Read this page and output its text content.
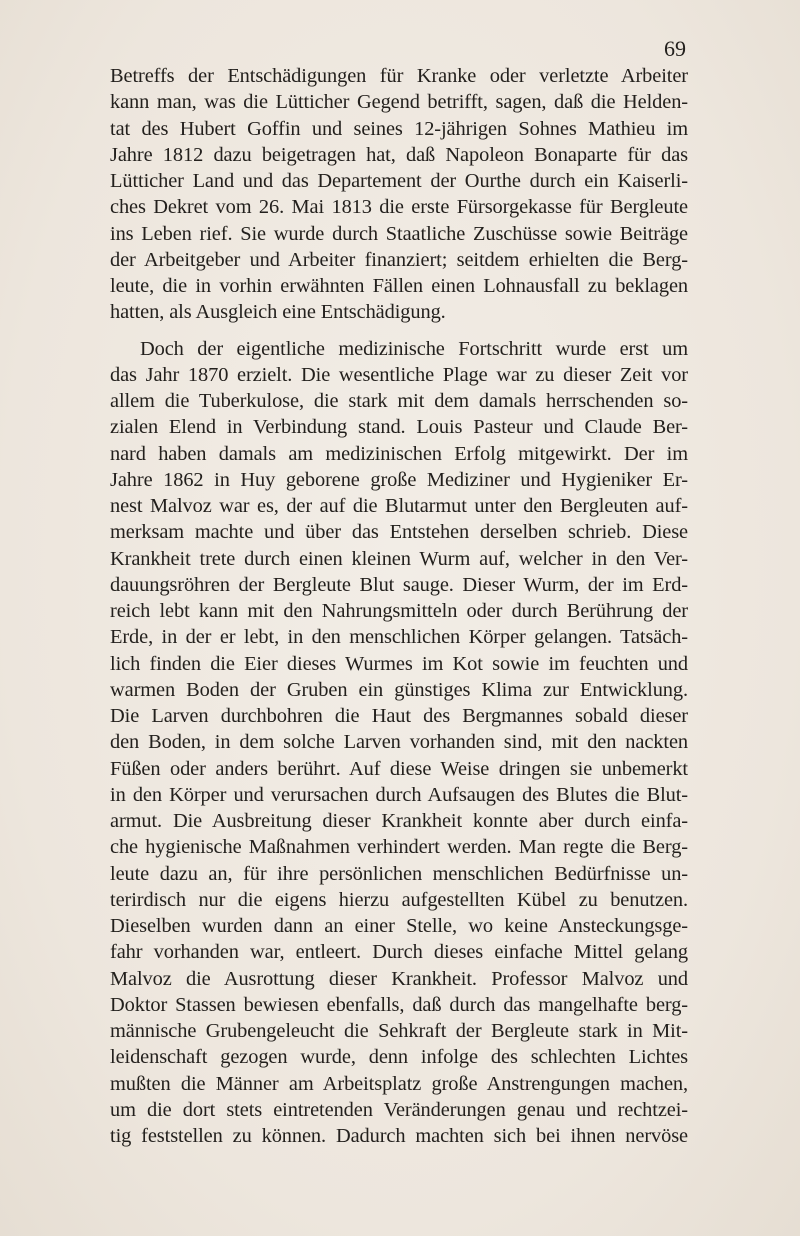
69
Betreffs der Entschädigungen für Kranke oder verletzte Arbeiter
kann man, was die Lütticher Gegend betrifft, sagen, daß die Helden-
tat des Hubert Goffin und seines 12-jährigen Sohnes Mathieu im
Jahre 1812 dazu beigetragen hat, daß Napoleon Bonaparte für das
Lütticher Land und das Departement der Ourthe durch ein Kaiserli-
ches Dekret vom 26. Mai 1813 die erste Fürsorgekasse für Bergleute
ins Leben rief. Sie wurde durch Staatliche Zuschüsse sowie Beiträge
der Arbeitgeber und Arbeiter finanziert; seitdem erhielten die Berg-
leute, die in vorhin erwähnten Fällen einen Lohnausfall zu beklagen
hatten, als Ausgleich eine Entschädigung.
Doch der eigentliche medizinische Fortschritt wurde erst um
das Jahr 1870 erzielt. Die wesentliche Plage war zu dieser Zeit vor
allem die Tuberkulose, die stark mit dem damals herrschenden so-
zialen Elend in Verbindung stand. Louis Pasteur und Claude Ber-
nard haben damals am medizinischen Erfolg mitgewirkt. Der im
Jahre 1862 in Huy geborene große Mediziner und Hygieniker Er-
nest Malvoz war es, der auf die Blutarmut unter den Bergleuten auf-
merksam machte und über das Entstehen derselben schrieb. Diese
Krankheit trete durch einen kleinen Wurm auf, welcher in den Ver-
dauungsröhren der Bergleute Blut sauge. Dieser Wurm, der im Erd-
reich lebt kann mit den Nahrungsmitteln oder durch Berührung der
Erde, in der er lebt, in den menschlichen Körper gelangen. Tatsäch-
lich finden die Eier dieses Wurmes im Kot sowie im feuchten und
warmen Boden der Gruben ein günstiges Klima zur Entwicklung.
Die Larven durchbohren die Haut des Bergmannes sobald dieser
den Boden, in dem solche Larven vorhanden sind, mit den nackten
Füßen oder anders berührt. Auf diese Weise dringen sie unbemerkt
in den Körper und verursachen durch Aufsaugen des Blutes die Blut-
armut. Die Ausbreitung dieser Krankheit konnte aber durch einfa-
che hygienische Maßnahmen verhindert werden. Man regte die Berg-
leute dazu an, für ihre persönlichen menschlichen Bedürfnisse un-
terirdisch nur die eigens hierzu aufgestellten Kübel zu benutzen.
Dieselben wurden dann an einer Stelle, wo keine Ansteckungsge-
fahr vorhanden war, entleert. Durch dieses einfache Mittel gelang
Malvoz die Ausrottung dieser Krankheit. Professor Malvoz und
Doktor Stassen bewiesen ebenfalls, daß durch das mangelhafte berg-
männische Grubengeleucht die Sehkraft der Bergleute stark in Mit-
leidenschaft gezogen wurde, denn infolge des schlechten Lichtes
mußten die Männer am Arbeitsplatz große Anstrengungen machen,
um die dort stets eintretenden Veränderungen genau und rechtzei-
tig feststellen zu können. Dadurch machten sich bei ihnen nervöse
